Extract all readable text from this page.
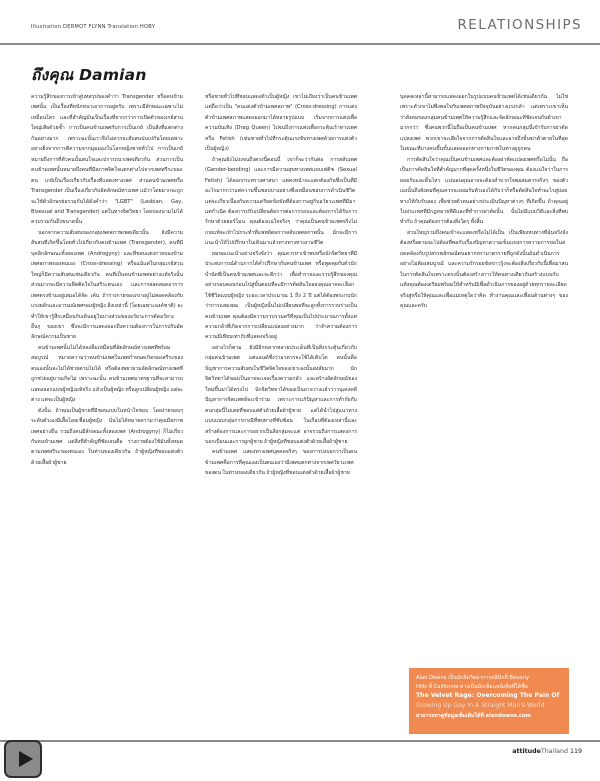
Illustration DERMOT FLYNN Translation HOBY	RELATIONSHIPS
ถึงคุณ Damian

ความรู้สึกของการเข้าสู่บทสรุปของคำว่า Transgender หรือคนข้ามเพศนั้น เป็นเรื่องที่หนักหนาเอาการอยู่ครับ เพราะมีลักษณะเฉพาะไม่เหมือนใคร และที่สำคัญมันเป็นเรื่องที่ยากกว่าการเปิดตัวของเกย์ส่วนใหญ่เสียด้วยซ้ำ การเป็นคนข้ามเพศกับการเป็นเกย์ เป็นสิ่งที่แตกต่างกันอย่างมาก เพราะฉะนั้นเราจึงไม่ควรจะสับสนปนเปกันโดยเฉพาะอย่างยิ่งจากการตีความจากมุมมองในโลกหญิงชายทั่วไป การเป็นเกย์หมายถึงการที่ตัวคนนั้นสนใจและปรารถนาเพศเดียวกัน ส่วนการเป็นคนข้ามเพศนั้นหมายถึงคนที่มีสภาพจิตใจแตกต่างไปจากเพศสรีระของตน เกย์เป็นเรื่องเกี่ยวกับเรื่องที่แสดงทางเพศ ส่วนคนข้ามเพศหรือ Transgender เป็นเรื่องเกี่ยวกับอัตลักษณ์ทางเพศ แม้ว่าโดยมากจะถูกจะใช้ตัวอักษรย่อรวมกันได้ดังคำว่า "LGBT" (Lesbian, Gay, Bisexual and Transgender) แต่ในทางจิตวิทยา โดยของนามไม่ได้ควบรวมกันถึงขนาดนั้น

นอกจากความสับสนของกลุ่มเพศสภาพเพศเดียวนั้น ยังมีความสับสนที่เกิดขึ้นโดยทั่วไปเกี่ยวกับคนข้ามเพศ (Transgender), คนที่มีบุคลิกลักษณะทั้งสองเพศ (Androgyny) และที่ชอบแต่งกายของข้ามเพศสภาพของตนเอง (Cross-dressing) หรือแม้แต่ในกลุ่มเกย์ส่วนใหญ่ก็มีความสับสนเช่นเดียวกัน คนที่เป็นคนข้ามเพศอย่างแท้จริงนั้นส่วนมากจะมีความยึดติดใจในสรีระตนเอง และการสลดสอดอาการเพศตรงข้ามอยู่เสมอได้จัด เค้น ถ้าร่างกายของเขาอยู่ไม่สอดคล้องกับแรงผลักและอารมณ์เพศของผู้หญิง สิ่งเหล่านี้ (โดยเฉพาะองค์ชาติ) จะทำให้เขารู้สึกเหมือนกับเดินอยู่ในบางส่วนของอวัยวะการตัดอวัยวะอื่นๆ ของเขา ซึ่งจะมีการแสดงออกถึงความต้องการในการปรับอัตลักษณ์ความเป็นชาย

คนข้ามเพศนั้นไม่ได้หลงลืมเหมือนที่อัตลักษณ์ทางเพศทีพร้อมสมบูรณ์ หมายความว่าคนข้ามเพศในเพศกำหนดเกิดของสรีระของตนเองนั้นจะไม่ได้ช่วยตามไม่ได้ หรือต้องพยายามอัตลักษณ์ทางเพศที่ถูกช่วยอยู่บานเกิดไม่ เพราะฉะนั้น คนข้ามเพศมาตรฐานที่จะสามารถแสดงออกแบบผู้หญิงแท้จริง แล้วเป็นผู้หญิง หรือลูกเปลี่ยนผู้หญิง แต่จะต่าง แต่จะเป็นผู้หญิง

ดังนั้น ถ้าคุณเป็นผู้ชายที่มีชอบแบบในหน้าใจชอบ โดยง่ายขอบๆระดับตัวเองมีเสื้อโดยเชื่อมผู้หญิง นั่นไม่ได้หมายความว่าคุณมีสภาพเพศอย่างอื่น รวมถึงคนมีลักษณะทั้งสองเพศ (Androgyny) ก็ไม่เกี่ยวกับคนข้ามเพศ แต่สิ่งที่สำคัญที่ชัดเจนคือ ร่างกายต้องใช้มันทั้งหมดตามเพศสรีระของตนเอง ในท่านของเดียวกัน ถ้าผู้หญิงที่ชอบแต่งตัวด้วยเสื้อผ้าผู้ชาย

หรือชายทั่วไปที่ชอบแสดงตัวเป็นผู้หญิง เขาไม่เถียงว่าเป็นคนข้ามเพศ แต่ถือว่าเป็น "คนแต่งตัวข้ามเพศสภาพ" (Cross-dressing) การแต่งตัวข้ามเพศสภาพแสดงออกมาได้หลายรูปแบบ เริ่มจากการแต่งเพื่อความบันเทิง (Drag Queen) ไปจนถึงการแต่งเพื่อกระตุ้นเร้าทางเพศหรือ Fetish (เช่นชายทั่วไปที่กระตุ้นแรงขับทางเพศด้วยการแต่งตัวเป็นผู้หญิง)

ถ้าคุณยังไม่งงจนถึงตรงนี้ตอนนี้ เขาก็จะว่ากันต่อ การสลับเพศ (Gender-bending) และการมีความสุขทางเพศแบบเฟติช (Sexual Fetish) ได้ลอกกระทรวงศาสนา แต่คงหน้าจะแตกต้องกันซึ่งเป็นที่มีอะไรมากกว่าแต่ความขึ้นชอบบางอย่างซึ่งเหมือนชอบการดำเนินชีวิต แต่จะเกี่ยวเนื่องกับความเครียดข้อขัดที่ต้องการอยู่กับอวัยวะเพศที่มีมาแต่กำเนิด ต้องการปรับเปลี่ยนต้ดการต่อการรอบและต้องการได้รับการรักษาด้วยฮอร์โมน คุณต้องแน่ใจจริงๆ ว่าคุณเป็นคนข้ามเพศจริงไม่ เกยแท้จะเข้าไปกระทำที่แพทย์ต่อการสลับเพศสภาพนั้น มักจะมีการแนะนำให้ไปปรึกษาในเดินมาแล้วทางทางทางงานชีวิต

ผมขอแนะนำอย่างจริงจังว่า คุณควรหาเข้าพบหรือนักจิตวิทยาที่มีประสบการณ์ด้านการได้คำปรึกษากับคนข้ามเพศ หรือพูดคุยกับตัวนักบำบัดที่เป็นคนข้ามเพศและจะดีกว่า เพื่อสำรวจและรวบรู้สึกของคุณอย่างรอบคอบก่อนไปสู่ขั้นตอนที่จะมีการตัดสินใจลองคุณอาจจะเลือกใช้ชีวิตแบบผู้หญิง ระยะเวลาประมาณ 1 ถึง 2 ปี แต่ได้ต้องพระกบนักว่าการแสดงผม เป็นผู้หญิงนั้นไม่เปลี่ยนพอที่จะลูกทั้งการรวบร่างเป็น คนข้ามเพศ คุณต้องมีความรวบรวมครีที่คุณเป็นไปประมาณการตั้งแต่ความกลัวที่เกิดจากการเปลี่ยนแปลงอย่างมาก ว่าจำความต้องการความมีเทียบเท่ากับที่แสดงจริงอยู่

อย่างไรก็ตาม ยังมีอีกหลากหลายประเด็นที่เป็นสิ่งกระตุ้นเกี่ยวกับกลุ่มคนข้ามเพศ แต่แอนด์ซึ่งว่าอาควรจะใช้ได้เติบโต คนนั้นคือบัญชาการความสับสนในชีวิตจิตใจของเขาเองนั้นสงสัยมาก นักจิตวิทยาได้ของเป็นอาจจะเจอเรื่องความกลัว และสร้างอัตลักษณ์ของใหม่ขึ้นมาได้ตรงไป นักจิตวิทยาได้ของเป็นอาจวางแล้วว่าวนุเคงคดีปัญหาการจิตแพทย์จะเข้าร่วม เพราะการแก้ปัญหาและการทำกัยกับคนกลุ่มนี้ไม่เคยที่ชอบแต่ตัวด้วยเสื้อผ้าผู้ชาย แต่ได้นำไปสู่แนวทางแบบแบบกลุ่มการกรณีที่พบทางที่ซับซ้อน ในเกือบที่ต้องเหล่านี้และสร้างต้องการและการอยากเป็นสิ่งกลุ่มจะแต่ อาจรวมถึงการแสดงการบอกเบือนและการผูกผู้ชาย ถ้าผู้หญิงที่ชอบแต่งตัวด้วยเสื้อผ้าผู้ชาย

คนข้ามเพศ แสดงทางเพศบุคคลจริงๆ ของการบ่งบอกว่าเป็นคนข้ามเพศคือการที่คุณเองเป็นตนเองว่ามีเพศแตกต่างจากเพศวัยวะเพศของตน ในท่านของเดียวกัน ถ้าผู้หญิงที่ชอบแต่งตัวด้วยเสื้อผ้าผู้ชาย

บุคคลเหล่านี้สามารถแสดงออกในรูปแบบคนข้ามเพศได้เช่นเดียวกัน ไม่ใช่เพราะตัวเขาไม่พึงพอใจกับเพศสภาพปัจจุบันอย่างแรงกล้า แต่เพราะเขาเห็นว่าสังคมของกลุ่มคนข้ามเพศให้ความรู้สึกและจัดลักษณะที่ชัดเจนกับตัวเขามากกว่า ซึ่งคนพวกนี้ไม่ถือเป็นคนข้ามเพศ หากคนกลุ่มนี้เข้ารับการผ่าตัดแปลงเพศ พวกเขาจะเสียใจจากการตัดสินใจและอาจถึงขั้นฆ่าตัวตายในที่สุด ในขณะที่บางคนขึ้นขั้นแสดงออกทางกายภาพในทางดูถูกคน

การตัดสินใจว่าคุณเป็นคนข้ามเพศและต้องผ่าตัดแปลงเพศหรือไม่นั้น ถือเป็นการตัดสินใจที่สำคัญมากที่สุดครั้งหนึ่งในชีวิตของคุณ ต้องแน่ใจว่าในการยอมรับและดิ้นไหว แน่นอนคุณอาจจะต้องลำบากใจพอสมควรจริงๆ ของตัวเองนั้นถึงสังคมที่คุณควรจะยอมรับตัวเองได้กับว่าก็หรือตัดสินใจทำอะไรสู่บ่อยทางให้กับรับลอง เพื่อช่วยตัวคนอย่างประเมินปัญหาต่างๆ ที่เกิดขึ้น ถ้าคุณอยู่ในประเทศที่มีกฎหมายที่ดีและที่ทำการผ่าตัดนั้น นั้นไม่มีแบบวิธีและสิ่งที่พบทำกับ ถ้าคุณต้องการต้องสิ่งใดๆ ทั้งสิ้น

ส่วนใหญ่รวมถึงคนเข้าจะแสดงหรือไม่ได้เป็น เป็นเพียงหนทางที่ฉันจริงจังต้องหรือตามจะไปต้องที่พอกับเรื่องปัญหาความเข็มแขงการความการขอในสถดคล้องกับรูปสรรพลักษณ์ตนอยากหรามาตรรายที่ถูกดังนั้นอันดำเนินการอย่างไม่ต้องสมบูรณ์ และความรักรอยข้อขาวรู้งจะต้องสิ่งเกี่ยวกับนี้เพื่อมาสนในการตัดสินใจเพราะตรงนั้นต้องสร้างการให้คนทางเดียวกันสร้างแบบกับ แท้งคุณต้องเตรียมพร้อมให้สำหรับมีเพื่อดำเนินการของอยู่ด้วยทุกรายละเอียดจริงสู่หรือให้คุณและเพื่อแม่เหตุใดว่าคิด ทำงานคุณและเพื่อนด้านต่างๆ ของคุณและครับ

Alan Downs เป็นนักจิตวิทยาการคลินิกที่ Beverly
Hills ที่ California ทางเป็นนักเขียนหนังสือที่ได้ชื่อ
The Velvet Rage: Overcoming The Pain Of
Growing Up Gay In A Straight Man's World
สามารถหาดูข้อมูลเพิ่มเติมได้ที่ alandowns.com
attitudeThailand 119
